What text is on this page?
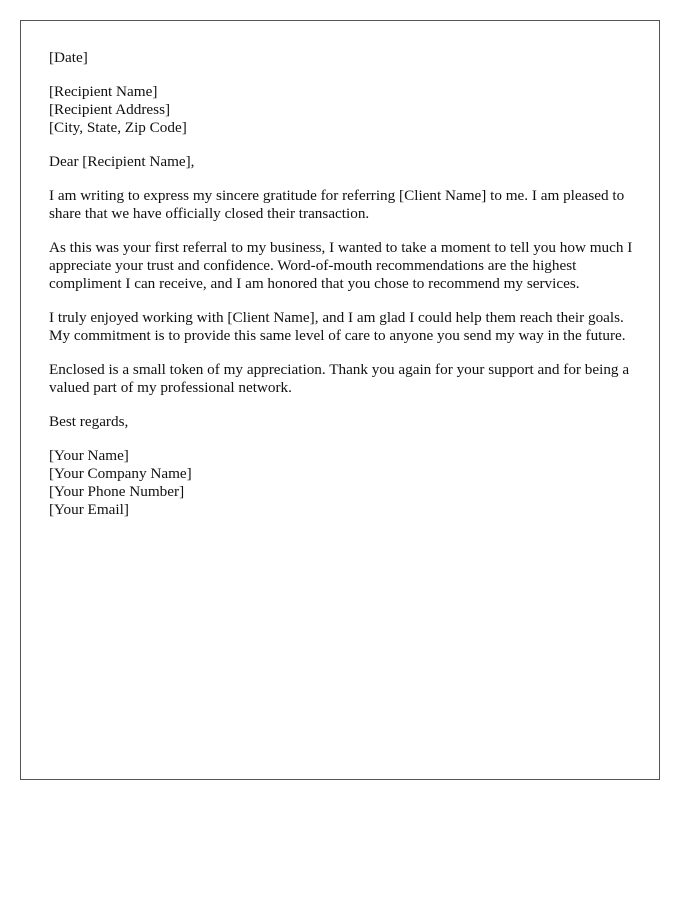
[Date]

[Recipient Name]
[Recipient Address]
[City, State, Zip Code]

Dear [Recipient Name],

I am writing to express my sincere gratitude for referring [Client Name] to me. I am pleased to share that we have officially closed their transaction.

As this was your first referral to my business, I wanted to take a moment to tell you how much I appreciate your trust and confidence. Word-of-mouth recommendations are the highest compliment I can receive, and I am honored that you chose to recommend my services.

I truly enjoyed working with [Client Name], and I am glad I could help them reach their goals. My commitment is to provide this same level of care to anyone you send my way in the future.

Enclosed is a small token of my appreciation. Thank you again for your support and for being a valued part of my professional network.

Best regards,

[Your Name]
[Your Company Name]
[Your Phone Number]
[Your Email]
